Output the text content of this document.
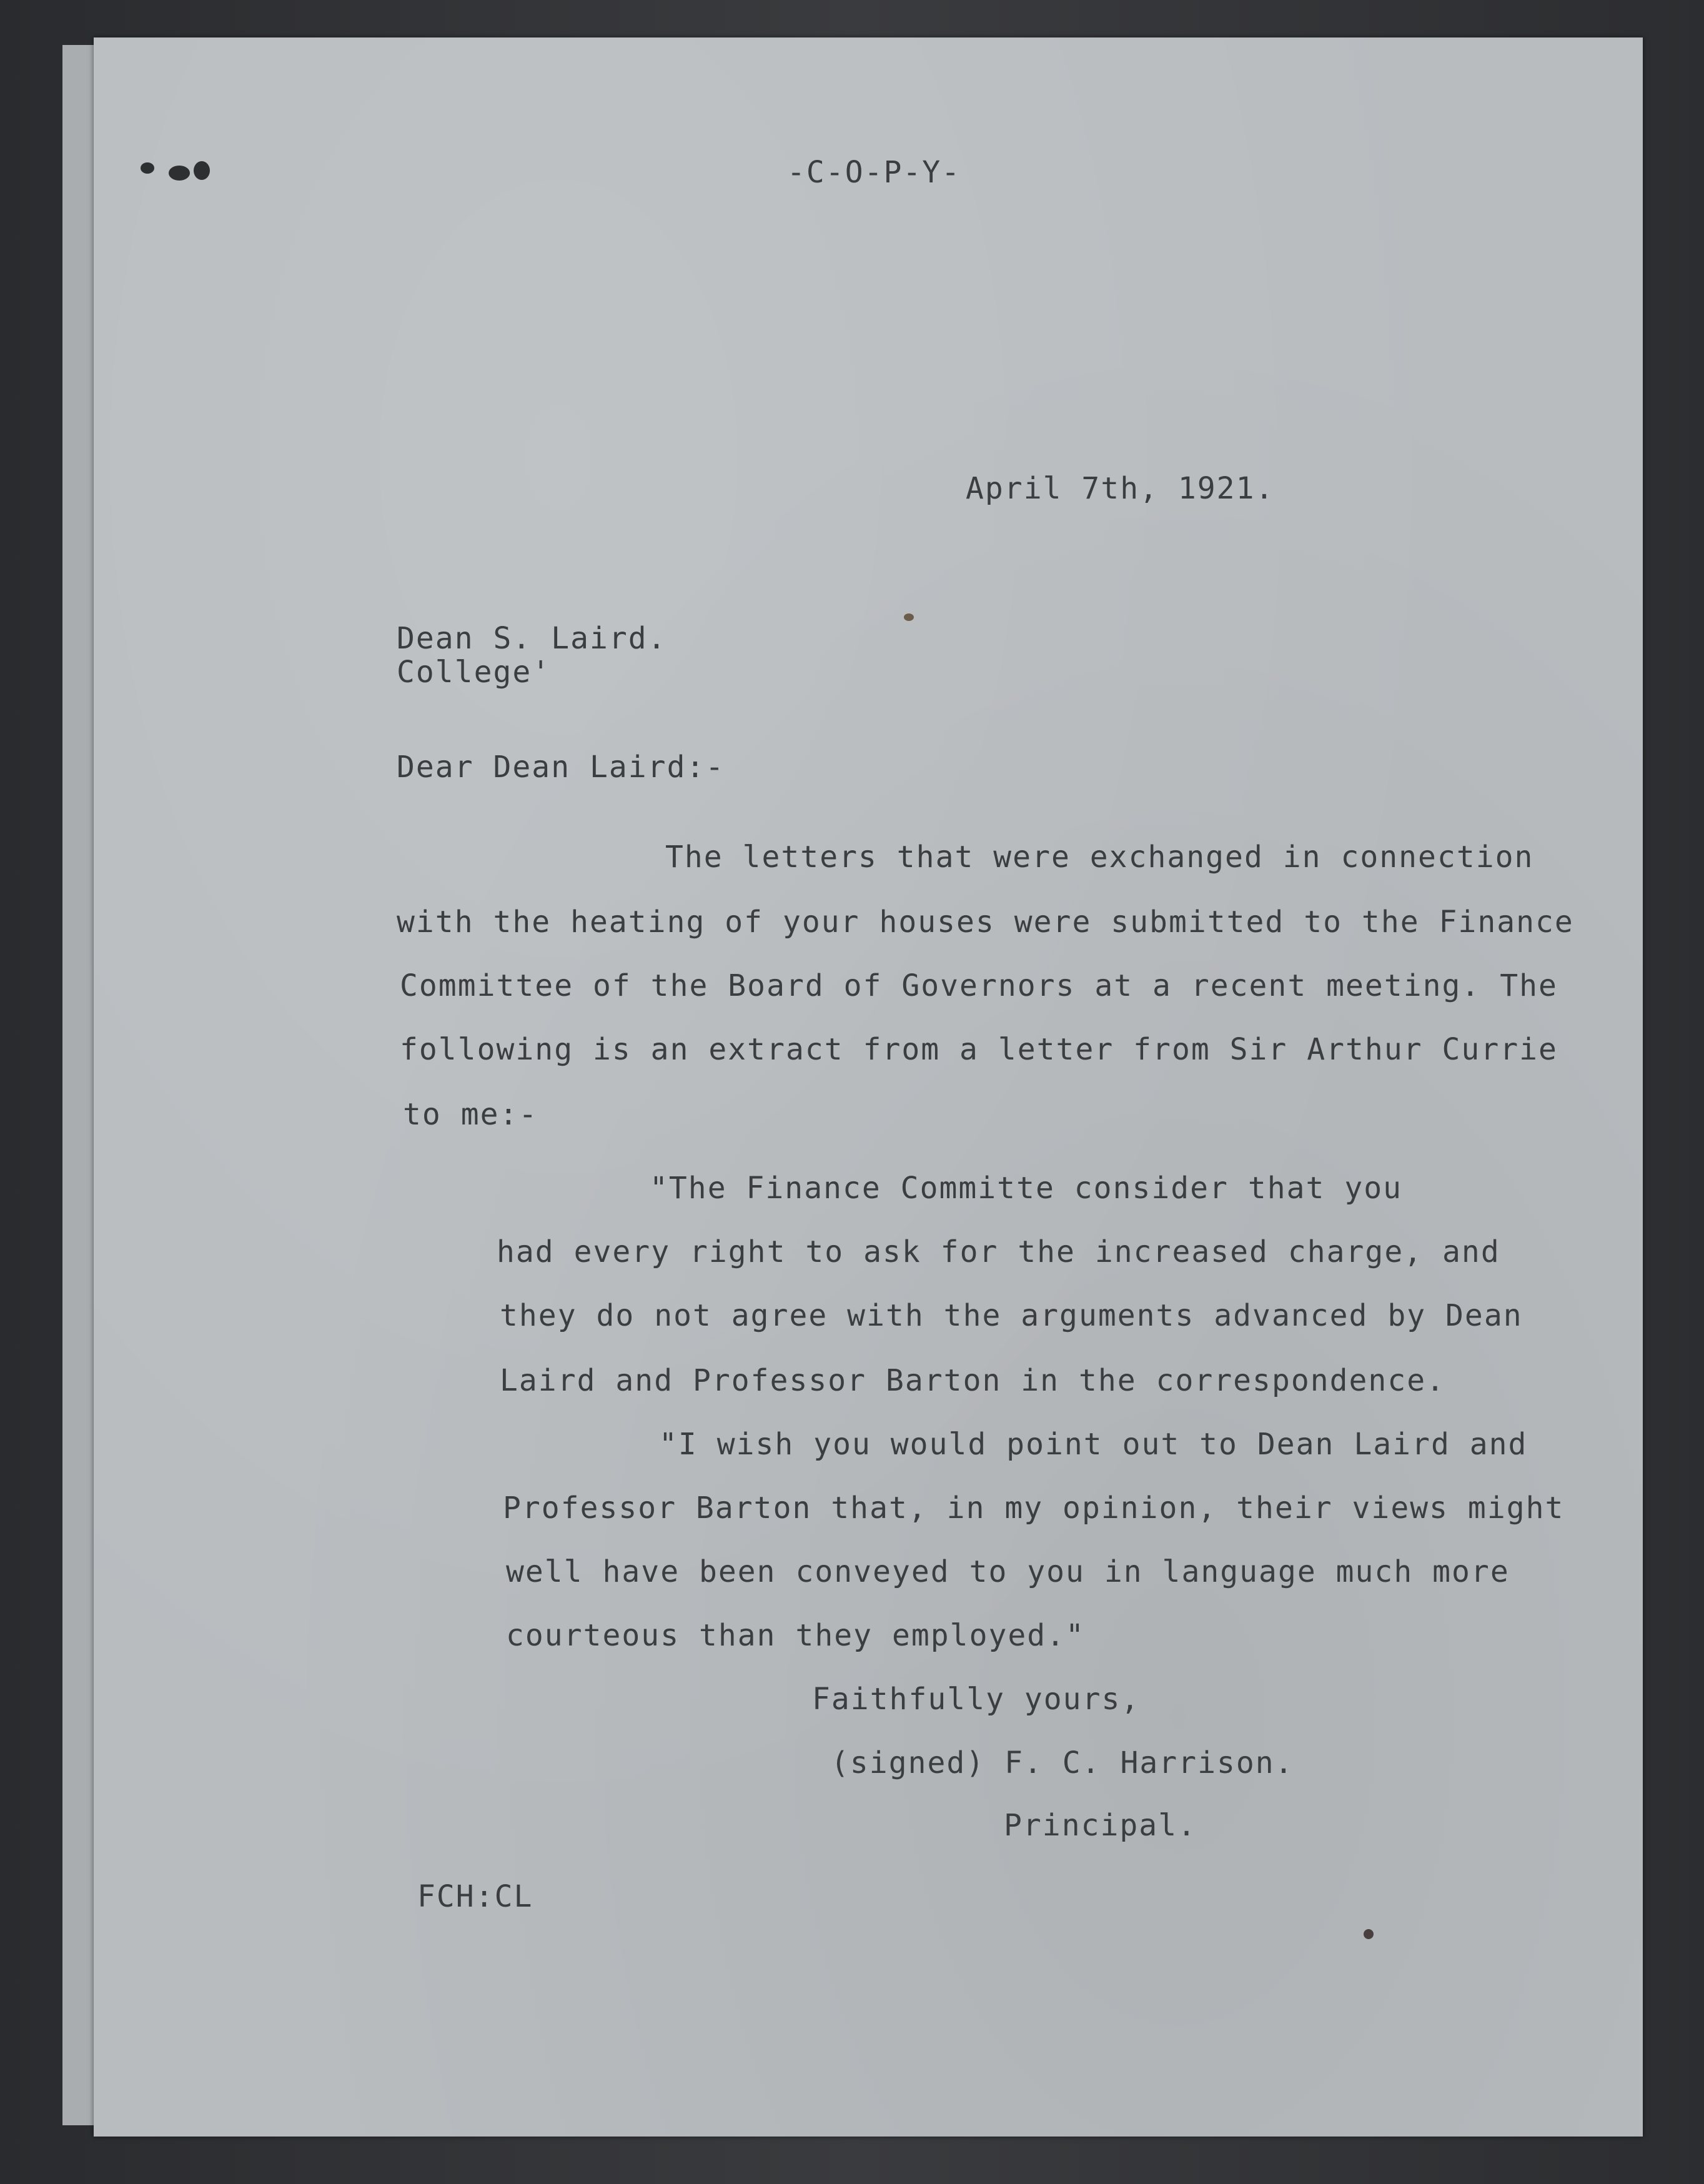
-C-O-P-Y-

April 7th, 1921.

Dean S. Laird.

College'

Dear Dean Laird:-

The letters that were exchanged in connection

with the heating of your houses were submitted to the Finance

Committee of the Board of Governors at a recent meeting. The

following is an extract from a letter from Sir Arthur Currie

to me:-

"The Finance Committe consider that you

had every right to ask for the increased charge, and

they do not agree with the arguments advanced by Dean

Laird and Professor Barton in the correspondence.

"I wish you would point out to Dean Laird and

Professor Barton that, in my opinion, their views might

well have been conveyed to you in language much more

courteous than they employed."

Faithfully yours,

(signed) F. C. Harrison.

Principal.

FCH:CL
